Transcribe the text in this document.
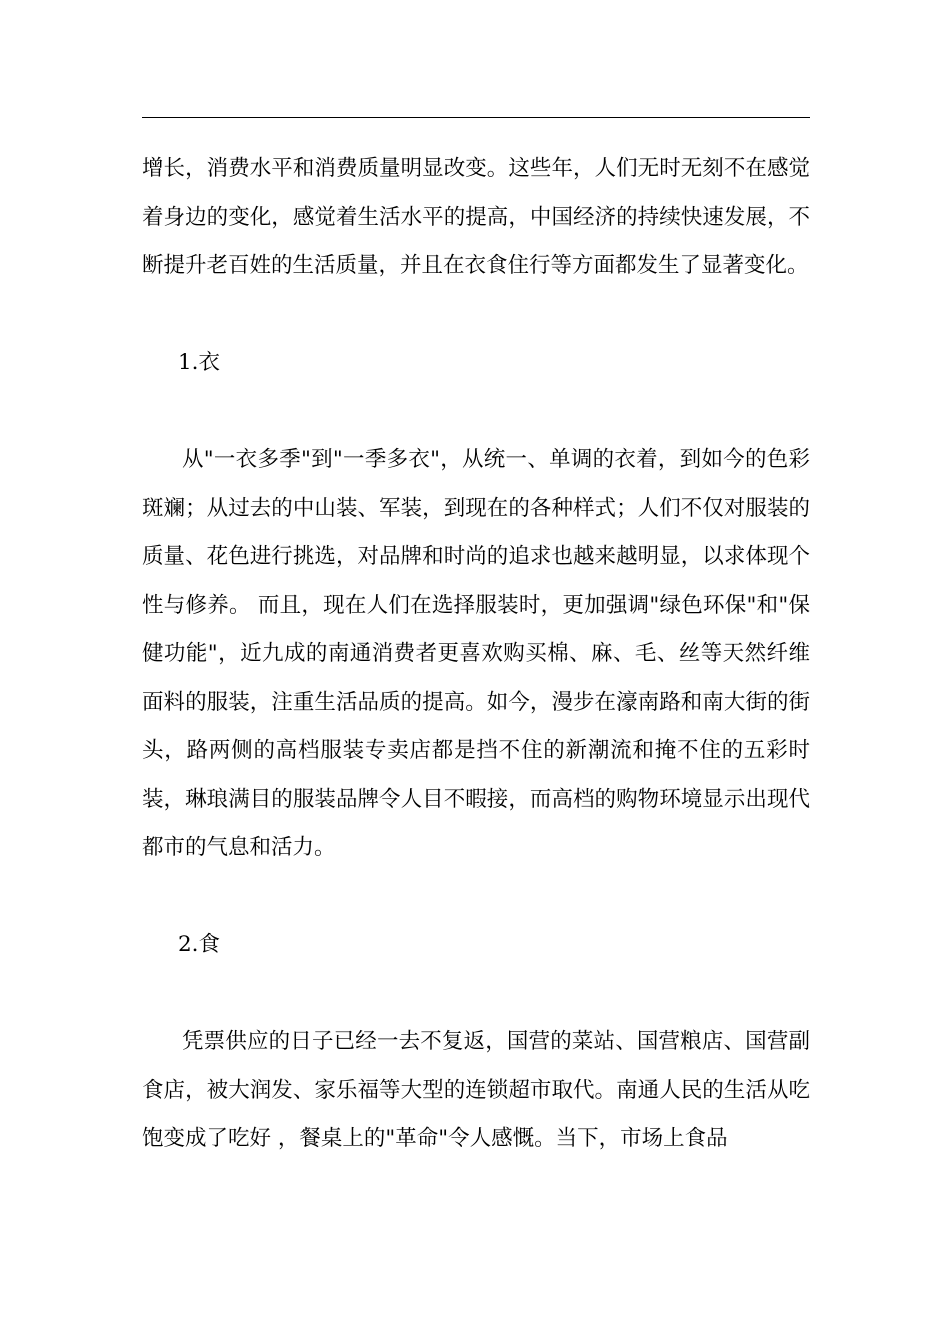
增长，消费水平和消费质量明显改变。这些年，人们无时无刻不在感觉着身边的变化，感觉着生活水平的提高，中国经济的持续快速发展，不断提升老百姓的生活质量，并且在衣食住行等方面都发生了显著变化。

1.衣

从"一衣多季"到"一季多衣"，从统一、单调的衣着，到如今的色彩斑斓；从过去的中山装、军装，到现在的各种样式；人们不仅对服装的质量、花色进行挑选，对品牌和时尚的追求也越来越明显，以求体现个性与修养。 而且，现在人们在选择服装时，更加强调"绿色环保"和"保健功能"，近九成的南通消费者更喜欢购买棉、麻、毛、丝等天然纤维面料的服装，注重生活品质的提高。如今，漫步在濠南路和南大街的街头，路两侧的高档服装专卖店都是挡不住的新潮流和掩不住的五彩时装，琳琅满目的服装品牌令人目不暇接，而高档的购物环境显示出现代都市的气息和活力。

2.食

凭票供应的日子已经一去不复返，国营的菜站、国营粮店、国营副食店，被大润发、家乐福等大型的连锁超市取代。南通人民的生活从吃饱变成了吃好 ，餐桌上的"革命"令人感慨。当下，市场上食品
